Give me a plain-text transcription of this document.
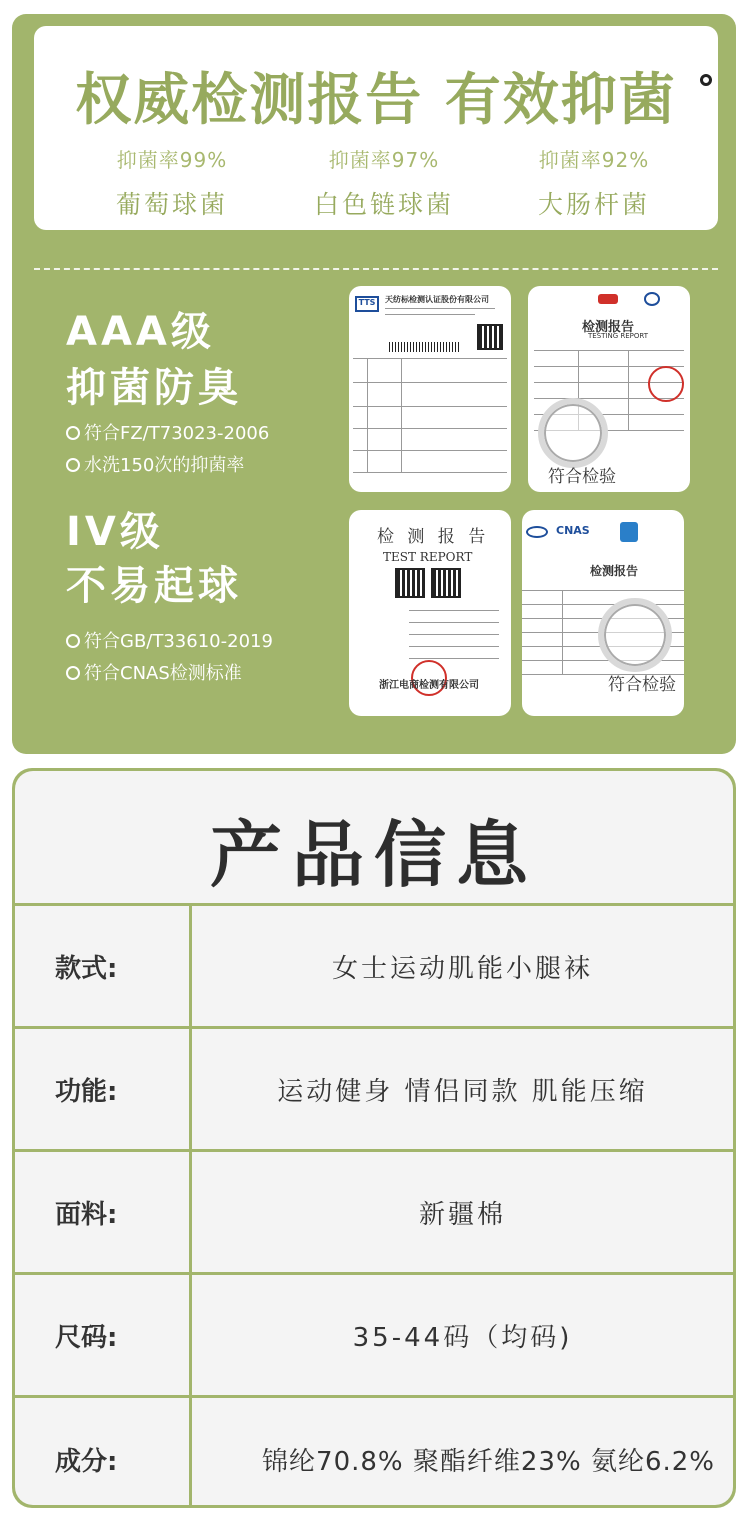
权威检测报告 有效抑菌
抑菌率99%
葡萄球菌
抑菌率97%
白色链球菌
抑菌率92%
大肠杆菌
AAA级
抑菌防臭
符合FZ/T73023-2006
水洗150次的抑菌率
IV级
不易起球
符合GB/T33610-2019
符合CNAS检测标准
TTS	天纺标检测认证股份有限公司
检测报告
TESTING REPORT
符合检验
检 测 报 告
TEST REPORT
浙江电商检测有限公司
CNAS
检测报告
符合检验
产品信息
款式:	女士运动肌能小腿袜
功能:	运动健身 情侣同款 肌能压缩
面料:	新疆棉
尺码:	35-44码（均码)
成分:	锦纶70.8% 聚酯纤维23% 氨纶6.2%
